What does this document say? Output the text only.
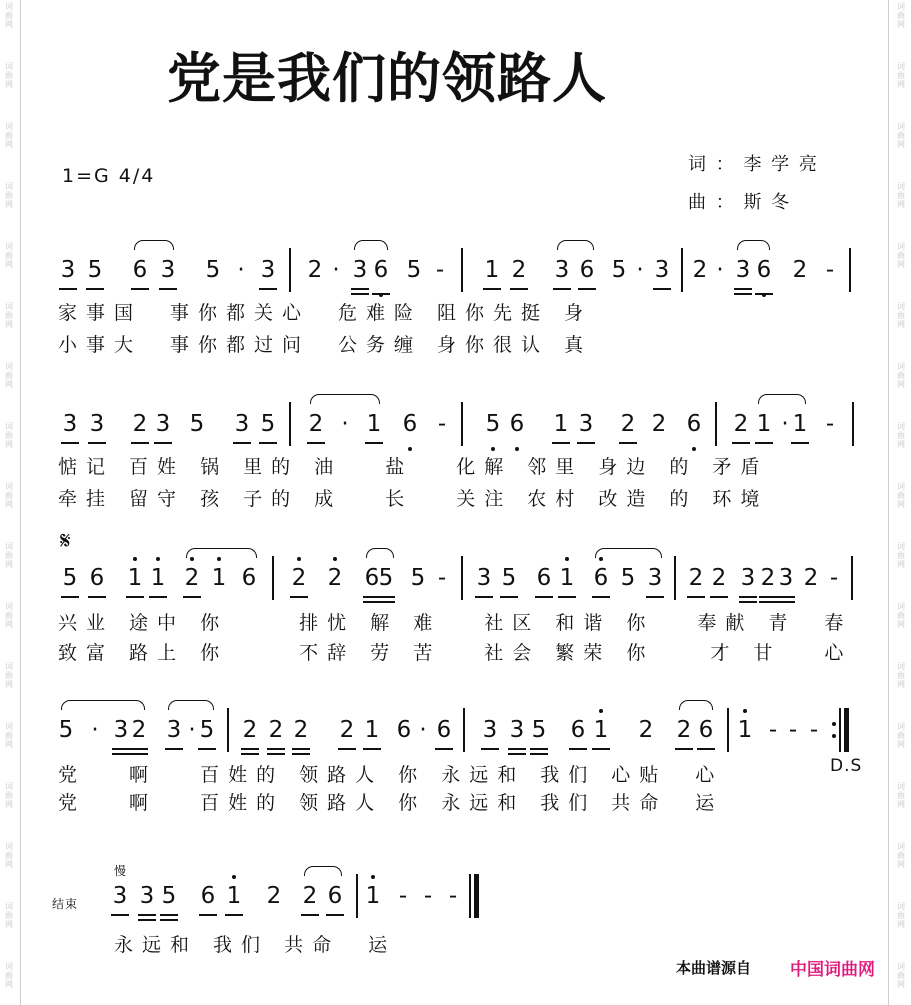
词
曲
网
词
曲
网
词
曲
网
词
曲
网
词
曲
网
词
曲
网
词
曲
网
词
曲
网
词
曲
网
词
曲
网
词
曲
网
词
曲
网
词
曲
网
词
曲
网
词
曲
网
词
曲
网
词
曲
网
词
曲
网
词
曲
网
词
曲
网
词
曲
网
词
曲
网
词
曲
网
词
曲
网
词
曲
网
词
曲
网
词
曲
网
词
曲
网
词
曲
网
词
曲
网
词
曲
网
词
曲
网
词
曲
网
词
曲
网
党是我们的领路人
1=G 4/4
词 ： 李 学 亮
曲 ： 斯 冬
3 5 6 3 5 · 3 2 · 3 6 5 - 1 2 3 6 5 · 3 2 · 3 6 2 -
3 3 2 3 5 3 5 2 · 1 6 - 5 6 1 3 2 2 6 2 1 · 1 -
5 6 1 1 2 1 6 2 2 6 5 5 - 3 5 6 1 6 5 3 2 2 3 2 3 2 -
5 · 3 2 3 · 5 2 2 2 2 1 6 · 6 3 3 5 6 1 2 2 6 1 - - -
3 3 5 6 1 2 2 6 1 - - -
家事国　事你都关心　危难险 阻你先挺 身
小事大　事你都过问　公务缠 身你很认 真
惦记 百姓 锅 里的 油　 盐　 化解 邻里 身边 的 矛盾
牵挂 留守 孩 子的 成　 长　 关注 农村 改造 的 环境
兴业 途中 你　　 排忧 解 难 　社区 和谐 你　 奉献 青　春
致富 路上 你　　 不辞 劳 苦 　社会 繁荣 你　　才 甘　 心
党　 啊　 百姓的 领路人 你 永远和 我们 心贴　心
党　 啊　 百姓的 领路人 你 永远和 我们 共命　运
永远和 我们 共命　运
𝄋
D.S
慢
结束
本曲谱源自 中国词曲网
